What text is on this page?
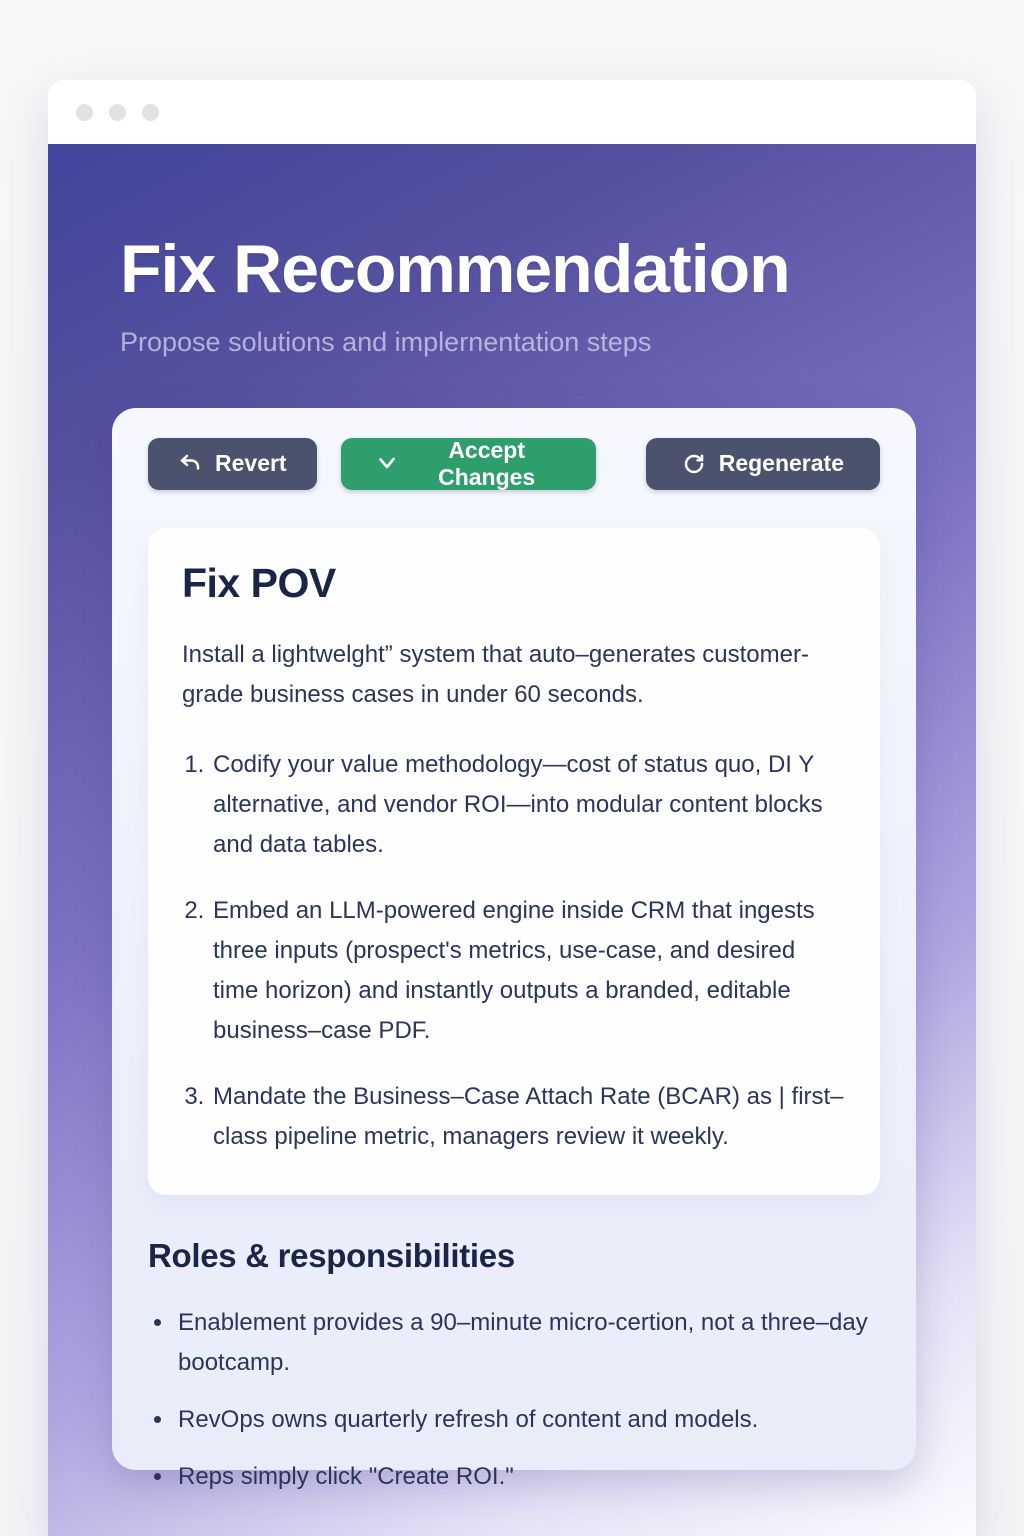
Fix Recommendation
Propose solutions and implernentation steps
Revert
Accept Changes
Regenerate
Fix POV

Install a lightwelght” system that auto–generates customer-grade business cases in under 60 seconds.

1. Codify your value methodology—cost of status quo, DI Y alternative, and vendor ROI—into modular content blocks and data tables.
2. Embed an LLM-powered engine inside CRM that ingests three inputs (prospect's metrics, use-case, and desired time horizon) and instantly outputs a branded, editable business–case PDF.
3. Mandate the Business–Case Attach Rate (BCAR) as | first–class pipeline metric, managers review it weekly.
Roles & responsibilities
• Enablement provides a 90–minute micro-certion, not a three–day bootcamp.
• RevOps owns quarterly refresh of content and models.
• Reps simply click "Create ROI."
